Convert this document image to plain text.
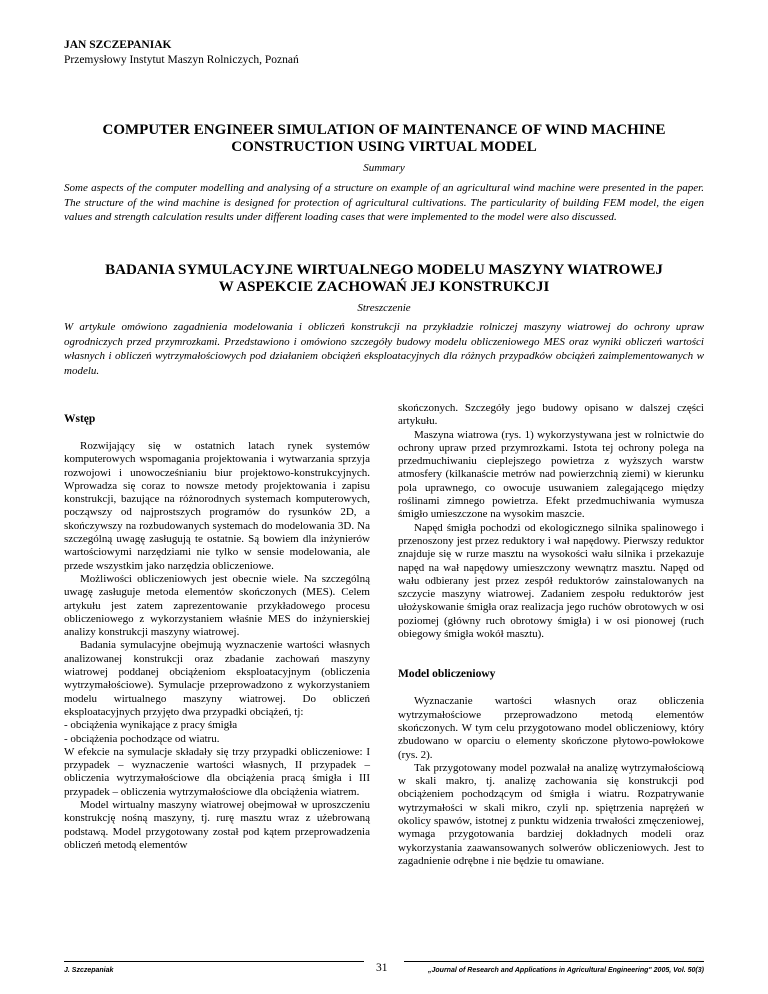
JAN SZCZEPANIAK
Przemysłowy Instytut Maszyn Rolniczych, Poznań
COMPUTER ENGINEER SIMULATION OF MAINTENANCE OF WIND MACHINE
CONSTRUCTION USING VIRTUAL MODEL

Summary

Some aspects of the computer modelling and analysing of a structure on example of an agricultural wind machine were presented in the paper. The structure of the wind machine is designed for protection of agricultural cultivations. The particularity of building FEM model, the eigen values and strength calculation results under different loading cases that were implemented to the model were also discussed.

BADANIA SYMULACYJNE WIRTUALNEGO MODELU MASZYNY WIATROWEJ
W ASPEKCIE ZACHOWAŃ JEJ KONSTRUKCJI

Streszczenie

W artykule omówiono zagadnienia modelowania i obliczeń konstrukcji na przykładzie rolniczej maszyny wiatrowej do ochrony upraw ogrodniczych przed przymrozkami. Przedstawiono i omówiono szczegóły budowy modelu obliczeniowego MES oraz wyniki obliczeń wartości własnych i obliczeń wytrzymałościowych pod działaniem obciążeń eksploatacyjnych dla różnych przypadków obciążeń zaimplementowanych w modelu.

Wstęp

Rozwijający się w ostatnich latach rynek systemów komputerowych wspomagania projektowania i wytwarzania sprzyja rozwojowi i unowocześnianiu biur projektowo-konstrukcyjnych. Wprowadza się coraz to nowsze metody projektowania i zapisu konstrukcji, bazujące na różnorodnych systemach komputerowych, począwszy od najprostszych programów do rysunków 2D, a skończywszy na rozbudowanych systemach do modelowania 3D. Na szczególną uwagę zasługują te ostatnie. Są bowiem dla inżynierów wartościowymi narzędziami nie tylko w sensie modelowania, ale przede wszystkim jako narzędzia obliczeniowe.

Możliwości obliczeniowych jest obecnie wiele. Na szczególną uwagę zasługuje metoda elementów skończonych (MES). Celem artykułu jest zatem zaprezentowanie przykładowego procesu obliczeniowego z wykorzystaniem właśnie MES do inżynierskiej analizy konstrukcji maszyny wiatrowej.

Badania symulacyjne obejmują wyznaczenie wartości własnych analizowanej konstrukcji oraz zbadanie zachowań maszyny wiatrowej poddanej obciążeniom eksploatacyjnym (obliczenia wytrzymałościowe). Symulacje przeprowadzono z wykorzystaniem modelu wirtualnego maszyny wiatrowej. Do obliczeń eksploatacyjnych przyjęto dwa przypadki obciążeń, tj:

- obciążenia wynikające z pracy śmigła

- obciążenia pochodzące od wiatru.

W efekcie na symulacje składały się trzy przypadki obliczeniowe: I przypadek – wyznaczenie wartości własnych, II przypadek – obliczenia wytrzymałościowe dla obciążenia pracą śmigła i III przypadek – obliczenia wytrzymałościowe dla obciążenia wiatrem.

Model wirtualny maszyny wiatrowej obejmował w uproszczeniu konstrukcję nośną maszyny, tj. rurę masztu wraz z użebrowaną podstawą. Model przygotowany został pod kątem przeprowadzenia obliczeń metodą elementów

skończonych. Szczegóły jego budowy opisano w dalszej części artykułu.

Maszyna wiatrowa (rys. 1) wykorzystywana jest w rolnictwie do ochrony upraw przed przymrozkami. Istota tej ochrony polega na przedmuchiwaniu cieplejszego powietrza z wyższych warstw atmosfery (kilkanaście metrów nad powierzchnią ziemi) w kierunku pola uprawnego, co owocuje usuwaniem zalegającego między roślinami zimnego powietrza. Efekt przedmuchiwania wymusza śmigło umieszczone na wysokim maszcie.

Napęd śmigła pochodzi od ekologicznego silnika spalinowego i przenoszony jest przez reduktory i wał napędowy. Pierwszy reduktor znajduje się w rurze masztu na wysokości wału silnika i przekazuje napęd na wał napędowy umieszczony wewnątrz masztu. Napęd od wału odbierany jest przez zespół reduktorów zainstalowanych na szczycie maszyny wiatrowej. Zadaniem zespołu reduktorów jest ułożyskowanie śmigła oraz realizacja jego ruchów obrotowych w osi poziomej (główny ruch obrotowy śmigła) i w osi pionowej (ruch obiegowy śmigła wokół masztu).

Model obliczeniowy

Wyznaczanie wartości własnych oraz obliczenia wytrzymałościowe przeprowadzono metodą elementów skończonych. W tym celu przygotowano model obliczeniowy, który zbudowano w oparciu o elementy skończone płytowo-powłokowe (rys. 2).

Tak przygotowany model pozwalał na analizę wytrzymałościową w skali makro, tj. analizę zachowania się konstrukcji pod obciążeniem pochodzącym od śmigła i wiatru. Rozpatrywanie wytrzymałości w skali mikro, czyli np. spiętrzenia naprężeń w okolicy spawów, istotnej z punktu widzenia trwałości zmęczeniowej, wymaga przygotowania bardziej dokładnych modeli oraz wykorzystania zaawansowanych solwerów obliczeniowych. Jest to zagadnienie odrębne i nie będzie tu omawiane.

J. Szczepaniak	31	„Journal of Research and Applications in Agricultural Engineering" 2005, Vol. 50(3)
